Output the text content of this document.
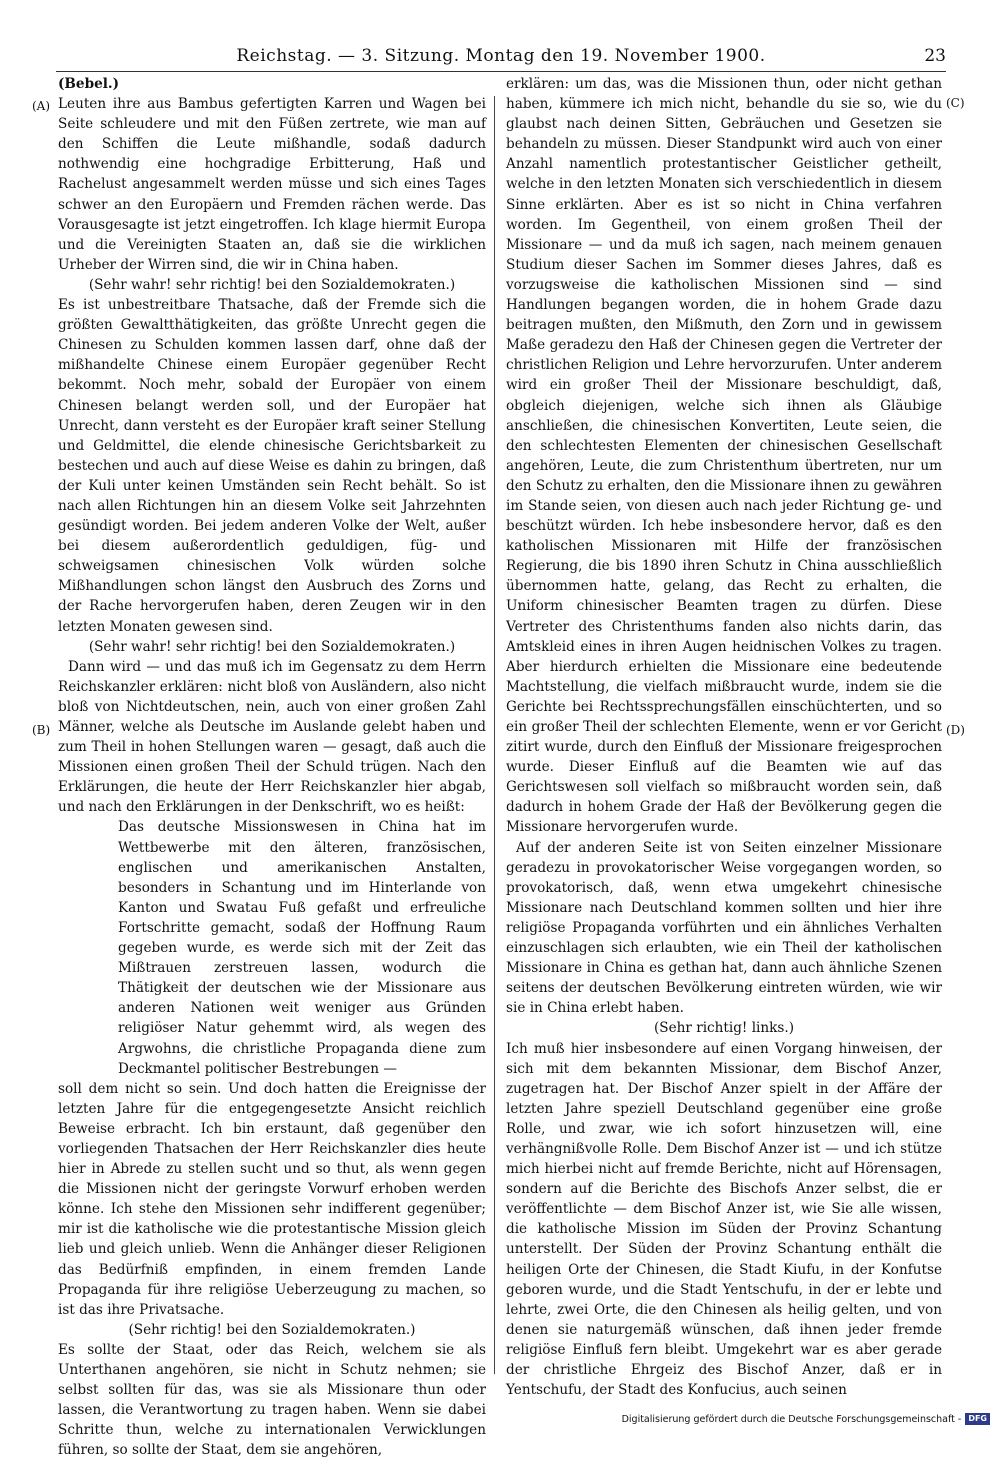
Reichstag. — 3. Sitzung. Montag den 19. November 1900.	23
(A)
(B)
(C)
(D)

(Bebel.)

Leuten ihre aus Bambus gefertigten Karren und Wagen bei Seite schleudere und mit den Füßen zertrete, wie man auf den Schiffen die Leute mißhandle, sodaß dadurch nothwendig eine hochgradige Erbitterung, Haß und Rachelust angesammelt werden müsse und sich eines Tages schwer an den Europäern und Fremden rächen werde. Das Vorausgesagte ist jetzt eingetroffen. Ich klage hiermit Europa und die Vereinigten Staaten an, daß sie die wirklichen Urheber der Wirren sind, die wir in China haben.

(Sehr wahr! sehr richtig! bei den Sozialdemokraten.)

Es ist unbestreitbare Thatsache, daß der Fremde sich die größten Gewaltthätigkeiten, das größte Unrecht gegen die Chinesen zu Schulden kommen lassen darf, ohne daß der mißhandelte Chinese einem Europäer gegenüber Recht bekommt. Noch mehr, sobald der Europäer von einem Chinesen belangt werden soll, und der Europäer hat Unrecht, dann versteht es der Europäer kraft seiner Stellung und Geldmittel, die elende chinesische Gerichtsbarkeit zu bestechen und auch auf diese Weise es dahin zu bringen, daß der Kuli unter keinen Umständen sein Recht behält. So ist nach allen Richtungen hin an diesem Volke seit Jahrzehnten gesündigt worden. Bei jedem anderen Volke der Welt, außer bei diesem außerordentlich geduldigen, füg- und schweigsamen chinesischen Volk würden solche Mißhandlungen schon längst den Ausbruch des Zorns und der Rache hervorgerufen haben, deren Zeugen wir in den letzten Monaten gewesen sind.

(Sehr wahr! sehr richtig! bei den Sozialdemokraten.)

Dann wird — und das muß ich im Gegensatz zu dem Herrn Reichskanzler erklären: nicht bloß von Ausländern, also nicht bloß von Nichtdeutschen, nein, auch von einer großen Zahl Männer, welche als Deutsche im Auslande gelebt haben und zum Theil in hohen Stellungen waren — gesagt, daß auch die Missionen einen großen Theil der Schuld trügen. Nach den Erklärungen, die heute der Herr Reichskanzler hier abgab, und nach den Erklärungen in der Denkschrift, wo es heißt:

Das deutsche Missionswesen in China hat im Wettbewerbe mit den älteren, französischen, englischen und amerikanischen Anstalten, besonders in Schantung und im Hinterlande von Kanton und Swatau Fuß gefaßt und erfreuliche Fortschritte gemacht, sodaß der Hoffnung Raum gegeben wurde, es werde sich mit der Zeit das Mißtrauen zerstreuen lassen, wodurch die Thätigkeit der deutschen wie der Missionare aus anderen Nationen weit weniger aus Gründen religiöser Natur gehemmt wird, als wegen des Argwohns, die christliche Propaganda diene zum Deckmantel politischer Bestrebungen —

soll dem nicht so sein. Und doch hatten die Ereignisse der letzten Jahre für die entgegengesetzte Ansicht reichlich Beweise erbracht. Ich bin erstaunt, daß gegenüber den vorliegenden Thatsachen der Herr Reichskanzler dies heute hier in Abrede zu stellen sucht und so thut, als wenn gegen die Missionen nicht der geringste Vorwurf erhoben werden könne. Ich stehe den Missionen sehr indifferent gegenüber; mir ist die katholische wie die protestantische Mission gleich lieb und gleich unlieb. Wenn die Anhänger dieser Religionen das Bedürfniß empfinden, in einem fremden Lande Propaganda für ihre religiöse Ueberzeugung zu machen, so ist das ihre Privatsache.

(Sehr richtig! bei den Sozialdemokraten.)

Es sollte der Staat, oder das Reich, welchem sie als Unterthanen angehören, sie nicht in Schutz nehmen; sie selbst sollten für das, was sie als Missionare thun oder lassen, die Verantwortung zu tragen haben. Wenn sie dabei Schritte thun, welche zu internationalen Verwicklungen führen, so sollte der Staat, dem sie angehören,

erklären: um das, was die Missionen thun, oder nicht gethan haben, kümmere ich mich nicht, behandle du sie so, wie du glaubst nach deinen Sitten, Gebräuchen und Gesetzen sie behandeln zu müssen. Dieser Standpunkt wird auch von einer Anzahl namentlich protestantischer Geistlicher getheilt, welche in den letzten Monaten sich verschiedentlich in diesem Sinne erklärten. Aber es ist so nicht in China verfahren worden. Im Gegentheil, von einem großen Theil der Missionare — und da muß ich sagen, nach meinem genauen Studium dieser Sachen im Sommer dieses Jahres, daß es vorzugsweise die katholischen Missionen sind — sind Handlungen begangen worden, die in hohem Grade dazu beitragen mußten, den Mißmuth, den Zorn und in gewissem Maße geradezu den Haß der Chinesen gegen die Vertreter der christlichen Religion und Lehre hervorzurufen. Unter anderem wird ein großer Theil der Missionare beschuldigt, daß, obgleich diejenigen, welche sich ihnen als Gläubige anschließen, die chinesischen Konvertiten, Leute seien, die den schlechtesten Elementen der chinesischen Gesellschaft angehören, Leute, die zum Christenthum übertreten, nur um den Schutz zu erhalten, den die Missionare ihnen zu gewähren im Stande seien, von diesen auch nach jeder Richtung ge- und beschützt würden. Ich hebe insbesondere hervor, daß es den katholischen Missionaren mit Hilfe der französischen Regierung, die bis 1890 ihren Schutz in China ausschließlich übernommen hatte, gelang, das Recht zu erhalten, die Uniform chinesischer Beamten tragen zu dürfen. Diese Vertreter des Christenthums fanden also nichts darin, das Amtskleid eines in ihren Augen heidnischen Volkes zu tragen. Aber hierdurch erhielten die Missionare eine bedeutende Machtstellung, die vielfach mißbraucht wurde, indem sie die Gerichte bei Rechtssprechungsfällen einschüchterten, und so ein großer Theil der schlechten Elemente, wenn er vor Gericht zitirt wurde, durch den Einfluß der Missionare freigesprochen wurde. Dieser Einfluß auf die Beamten wie auf das Gerichtswesen soll vielfach so mißbraucht worden sein, daß dadurch in hohem Grade der Haß der Bevölkerung gegen die Missionare hervorgerufen wurde.

Auf der anderen Seite ist von Seiten einzelner Missionare geradezu in provokatorischer Weise vorgegangen worden, so provokatorisch, daß, wenn etwa umgekehrt chinesische Missionare nach Deutschland kommen sollten und hier ihre religiöse Propaganda vorführten und ein ähnliches Verhalten einzuschlagen sich erlaubten, wie ein Theil der katholischen Missionare in China es gethan hat, dann auch ähnliche Szenen seitens der deutschen Bevölkerung eintreten würden, wie wir sie in China erlebt haben.

(Sehr richtig! links.)

Ich muß hier insbesondere auf einen Vorgang hinweisen, der sich mit dem bekannten Missionar, dem Bischof Anzer, zugetragen hat. Der Bischof Anzer spielt in der Affäre der letzten Jahre speziell Deutschland gegenüber eine große Rolle, und zwar, wie ich sofort hinzusetzen will, eine verhängnißvolle Rolle. Dem Bischof Anzer ist — und ich stütze mich hierbei nicht auf fremde Berichte, nicht auf Hörensagen, sondern auf die Berichte des Bischofs Anzer selbst, die er veröffentlichte — dem Bischof Anzer ist, wie Sie alle wissen, die katholische Mission im Süden der Provinz Schantung unterstellt. Der Süden der Provinz Schantung enthält die heiligen Orte der Chinesen, die Stadt Kiufu, in der Konfutse geboren wurde, und die Stadt Yentschufu, in der er lebte und lehrte, zwei Orte, die den Chinesen als heilig gelten, und von denen sie naturgemäß wünschen, daß ihnen jeder fremde religiöse Einfluß fern bleibt. Umgekehrt war es aber gerade der christliche Ehrgeiz des Bischof Anzer, daß er in Yentschufu, der Stadt des Konfucius, auch seinen

Digitalisierung gefördert durch die Deutsche Forschungsgemeinschaft - DFG
